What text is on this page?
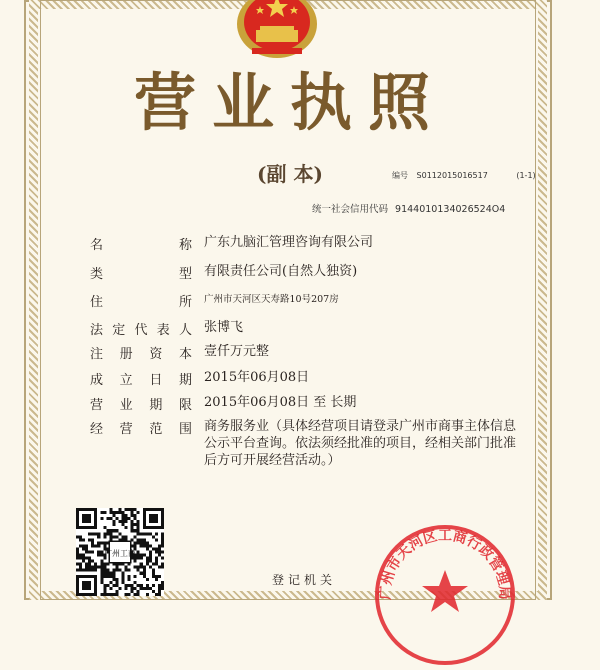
营业执照
(副 本)	编号 S0112015016517	(1-1)
统一社会信用代码 9144010134026524O4
名	称 广东九脑汇管理咨询有限公司
类	型 有限责任公司(自然人独资)
住	所 广州市天河区天寿路10号207房
法 定 代 表 人 张博飞
注 册 资 本 壹仟万元整
成 立 日 期 2015年06月08日
营 业 期 限 2015年06月08日 至 长期
经 营 范 围 商务服务业（具体经营项目请登录广州市商事主体信息公示平台查询。依法须经批准的项目，经相关部门批准后方可开展经营活动。）
广州工商
登记机关
广州市天河区工商行政管理局
